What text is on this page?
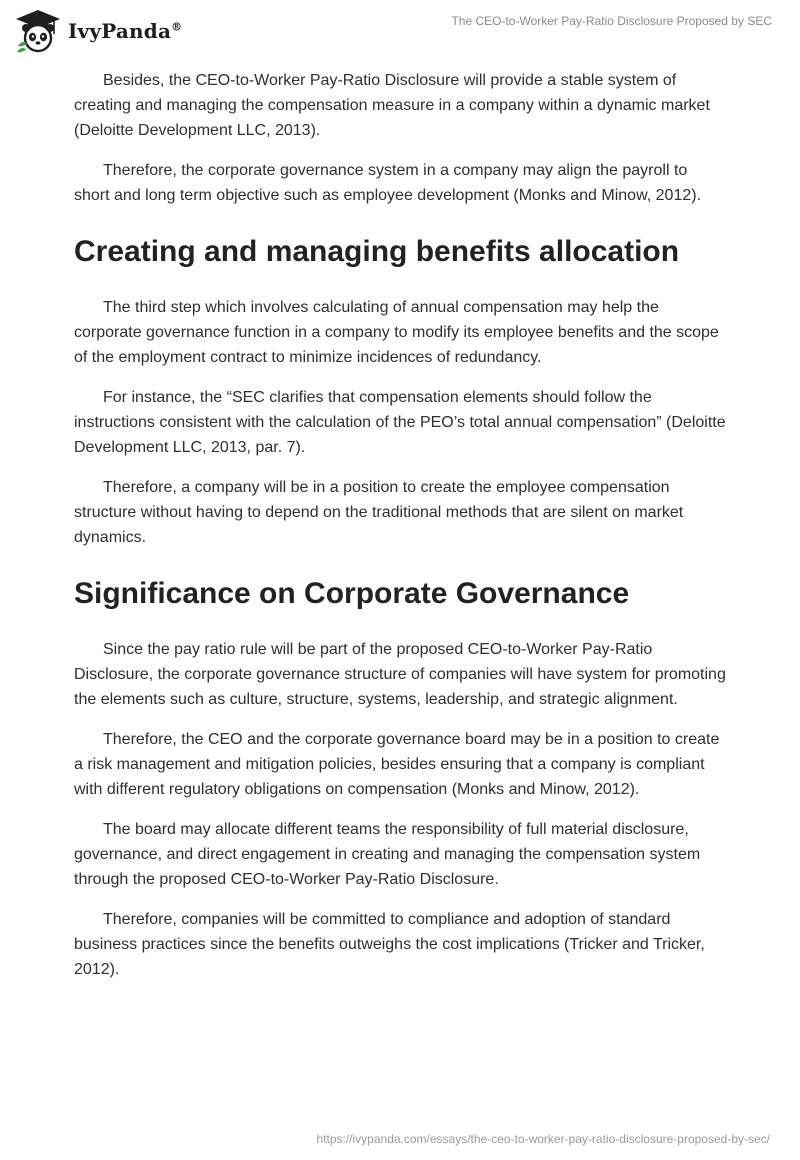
IvyPanda®	The CEO-to-Worker Pay-Ratio Disclosure Proposed by SEC

Besides, the CEO-to-Worker Pay-Ratio Disclosure will provide a stable system of creating and managing the compensation measure in a company within a dynamic market (Deloitte Development LLC, 2013).

Therefore, the corporate governance system in a company may align the payroll to short and long term objective such as employee development (Monks and Minow, 2012).

Creating and managing benefits allocation

The third step which involves calculating of annual compensation may help the corporate governance function in a company to modify its employee benefits and the scope of the employment contract to minimize incidences of redundancy.

For instance, the “SEC clarifies that compensation elements should follow the instructions consistent with the calculation of the PEO’s total annual compensation” (Deloitte Development LLC, 2013, par. 7).

Therefore, a company will be in a position to create the employee compensation structure without having to depend on the traditional methods that are silent on market dynamics.

Significance on Corporate Governance

Since the pay ratio rule will be part of the proposed CEO-to-Worker Pay-Ratio Disclosure, the corporate governance structure of companies will have system for promoting the elements such as culture, structure, systems, leadership, and strategic alignment.

Therefore, the CEO and the corporate governance board may be in a position to create a risk management and mitigation policies, besides ensuring that a company is compliant with different regulatory obligations on compensation (Monks and Minow, 2012).

The board may allocate different teams the responsibility of full material disclosure, governance, and direct engagement in creating and managing the compensation system through the proposed CEO-to-Worker Pay-Ratio Disclosure.

Therefore, companies will be committed to compliance and adoption of standard business practices since the benefits outweighs the cost implications (Tricker and Tricker, 2012).

https://ivypanda.com/essays/the-ceo-to-worker-pay-ratio-disclosure-proposed-by-sec/
